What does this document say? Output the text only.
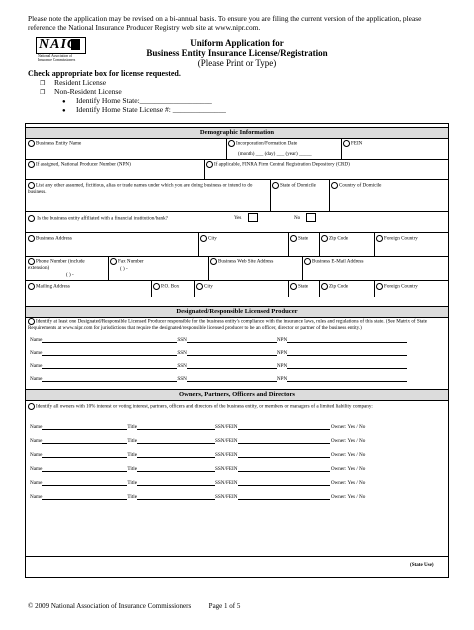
Please note the application may be revised on a bi-annual basis. To ensure you are filing the current version of the application, please reference the National Insurance Producer Registry web site at www.nipr.com.
NAIC
National Association of Insurance Commissioners
Uniform Application for
Business Entity Insurance License/Registration
(Please Print or Type)
Check appropriate box for license requested.
❐ Resident License
❐ Non-Resident License
● Identify Home State:___________________
● Identify Home State License #: ______________
Demographic Information
Business Entity Name	Incorporation/Formation Date
(month) ___ (day) ___ (year) _____
FEIN
If assigned, National Producer Number (NPN)	If applicable, FINRA Firm Central Registration Depository (CRD)
List any other assumed, fictitious, alias or trade names under which you are doing business or intend to do business.
State of Domicile	Country of Domicile
Is the business entity affiliated with a financial institution/bank?	Yes	No
Business Address	City	State	Zip Code	Foreign Country
Phone Number (include extension)
( ) -
Fax Number
( ) -
Business Web Site Address	Business E-Mail Address
Mailing Address	P.O. Box	City	State	Zip Code	Foreign Country
Designated/Responsible Licensed Producer
Identify at least one Designated/Responsible Licensed Producer responsible for the business entity's compliance with the insurance laws, rules and regulations of this state. (See Matrix of State Requirements at www.nipr.com for jurisdictions that require the designated/responsible licensed producer to be an officer, director or partner of the business entity.)
Name	SSN	NPN
Name	SSN	NPN
Name	SSN	NPN
Name	SSN	NPN
Owners, Partners, Officers and Directors
Identify all owners with 10% interest or voting interest, partners, officers and directors of the business entity, or members or managers of a limited liability company:
Name	Title	SSN/FEIN	Owner: Yes / No
Name	Title	SSN/FEIN	Owner: Yes / No
Name	Title	SSN/FEIN	Owner: Yes / No
Name	Title	SSN/FEIN	Owner: Yes / No
Name	Title	SSN/FEIN	Owner: Yes / No
Name	Title	SSN/FEIN	Owner: Yes / No
(State Use)
© 2009 National Association of Insurance Commissioners          Page 1 of 5
